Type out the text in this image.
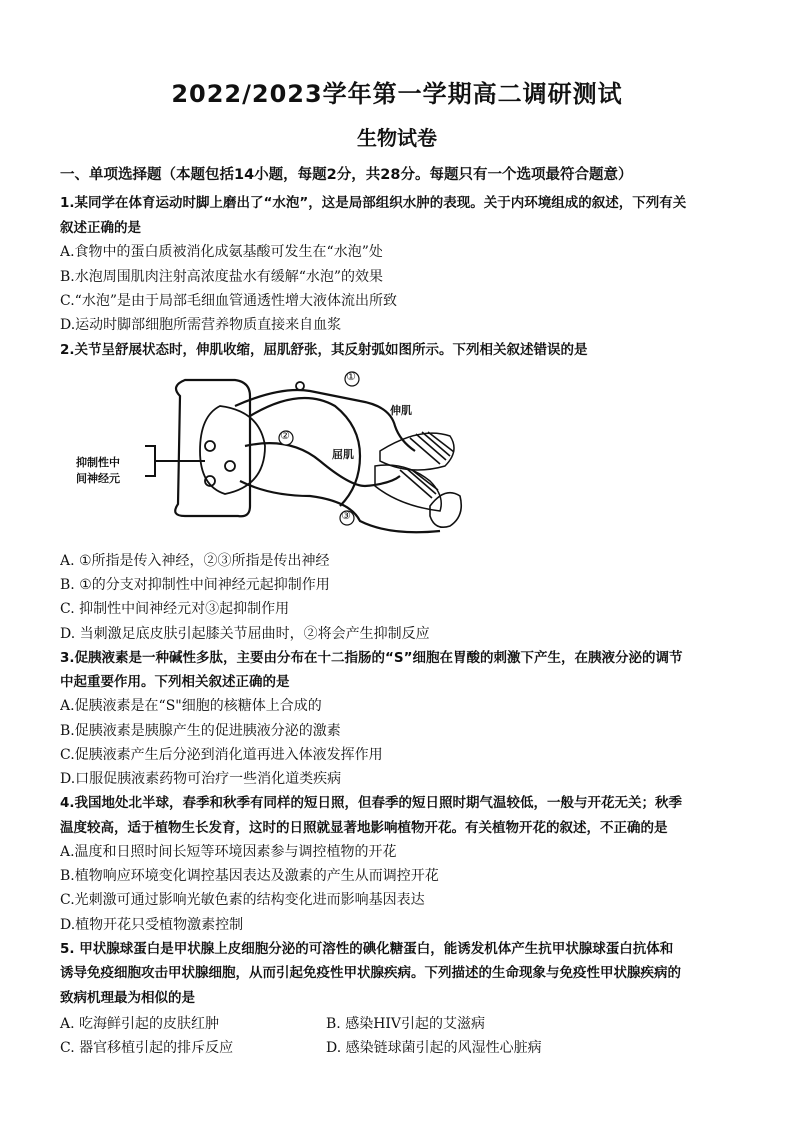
2022/2023学年第一学期高二调研测试
生物试卷
一、单项选择题（本题包括14小题，每题2分，共28分。每题只有一个选项最符合题意）
1.某同学在体育运动时脚上磨出了“水泡”，这是局部组织水肿的表现。关于内环境组成的叙述，下列有关
叙述正确的是
A.食物中的蛋白质被消化成氨基酸可发生在“水泡”处
B.水泡周围肌肉注射高浓度盐水有缓解“水泡”的效果
C.“水泡”是由于局部毛细血管通透性增大液体流出所致
D.运动时脚部细胞所需营养物质直接来自血浆
2.关节呈舒展状态时，伸肌收缩，屈肌舒张，其反射弧如图所示。下列相关叙述错误的是
①
②
③
伸肌
屈肌
抑制性中
间神经元
A. ①所指是传入神经，②③所指是传出神经
B. ①的分支对抑制性中间神经元起抑制作用
C. 抑制性中间神经元对③起抑制作用
D. 当刺激足底皮肤引起膝关节屈曲时，②将会产生抑制反应
3.促胰液素是一种碱性多肽，主要由分布在十二指肠的“S”细胞在胃酸的刺激下产生，在胰液分泌的调节
中起重要作用。下列相关叙述正确的是
A.促胰液素是在“S"细胞的核糖体上合成的
B.促胰液素是胰腺产生的促进胰液分泌的激素
C.促胰液素产生后分泌到消化道再进入体液发挥作用
D.口服促胰液素药物可治疗一些消化道类疾病
4.我国地处北半球，春季和秋季有同样的短日照，但春季的短日照时期气温较低，一般与开花无关；秋季
温度较高，适于植物生长发育，这时的日照就显著地影响植物开花。有关植物开花的叙述，不正确的是
A.温度和日照时间长短等环境因素参与调控植物的开花
B.植物响应环境变化调控基因表达及激素的产生从而调控开花
C.光刺激可通过影响光敏色素的结构变化进而影响基因表达
D.植物开花只受植物激素控制
5. 甲状腺球蛋白是甲状腺上皮细胞分泌的可溶性的碘化糖蛋白，能诱发机体产生抗甲状腺球蛋白抗体和
诱导免疫细胞攻击甲状腺细胞，从而引起免疫性甲状腺疾病。下列描述的生命现象与免疫性甲状腺疾病的
致病机理最为相似的是
A. 吃海鲜引起的皮肤红肿	B. 感染HIV引起的艾滋病
C. 器官移植引起的排斥反应	D. 感染链球菌引起的风湿性心脏病
